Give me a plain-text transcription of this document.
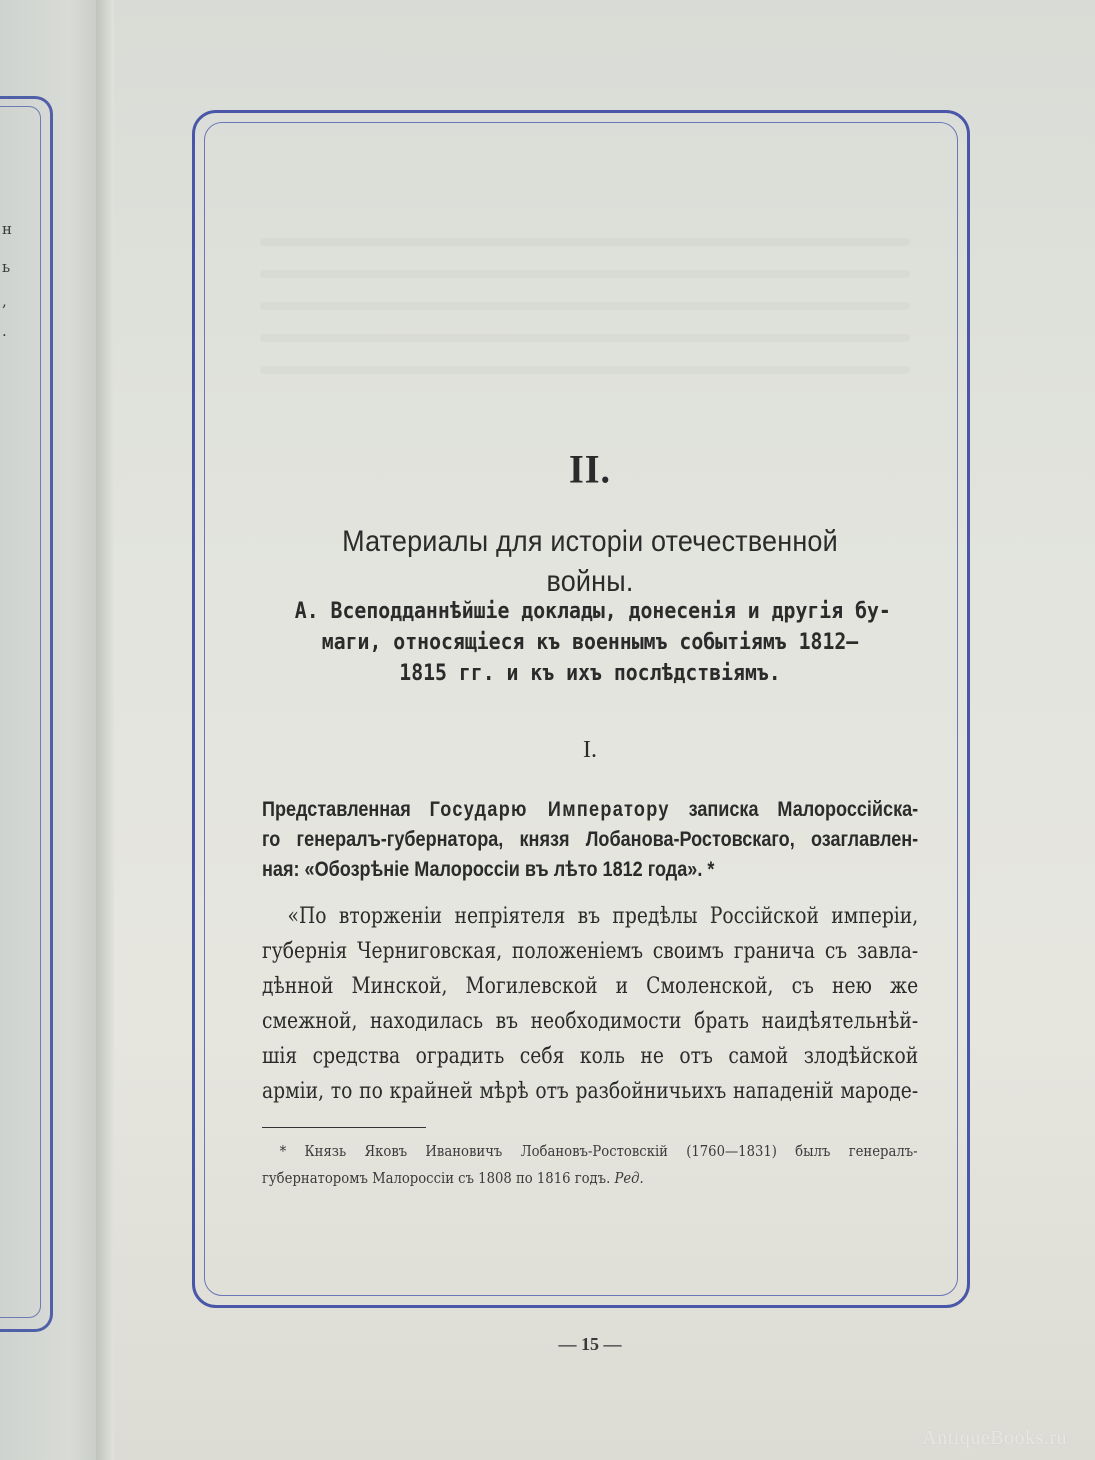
н
ь
,
.
II.
Материалы для исторiи отечественной войны.
А. Всеподданнѣйшiе доклады, донесенiя и другiя бу-
маги, относящiеся къ военнымъ событiямъ 1812—
1815 гг. и къ ихъ послѣдствiямъ.
I.
Представленная Государю Императору записка Малороссiйска-
го генералъ-губернатора, князя Лобанова-Ростовскаго, озаглавлен-
ная: «Обозрѣнiе Малороссiи въ лѣто 1812 года». *
«По вторженiи непрiятеля въ предѣлы Россiйской имперiи,
губернiя Черниговская, положенiемъ своимъ гранича съ завла-
дѣнной Минской, Могилевской и Смоленской, съ нею же
смежной, находилась въ необходимости брать наидѣятельнѣй-
шiя средства оградить себя коль не отъ самой злодѣйской
армiи, то по крайней мѣрѣ отъ разбойничьихъ нападенiй мароде-
* Князь Яковъ Ивановичъ Лобановъ-Ростовскiй (1760—1831) былъ генералъ-
губернаторомъ Малороссiи съ 1808 по 1816 годъ. Ред.
— 15 —
AntiqueBooks.ru
